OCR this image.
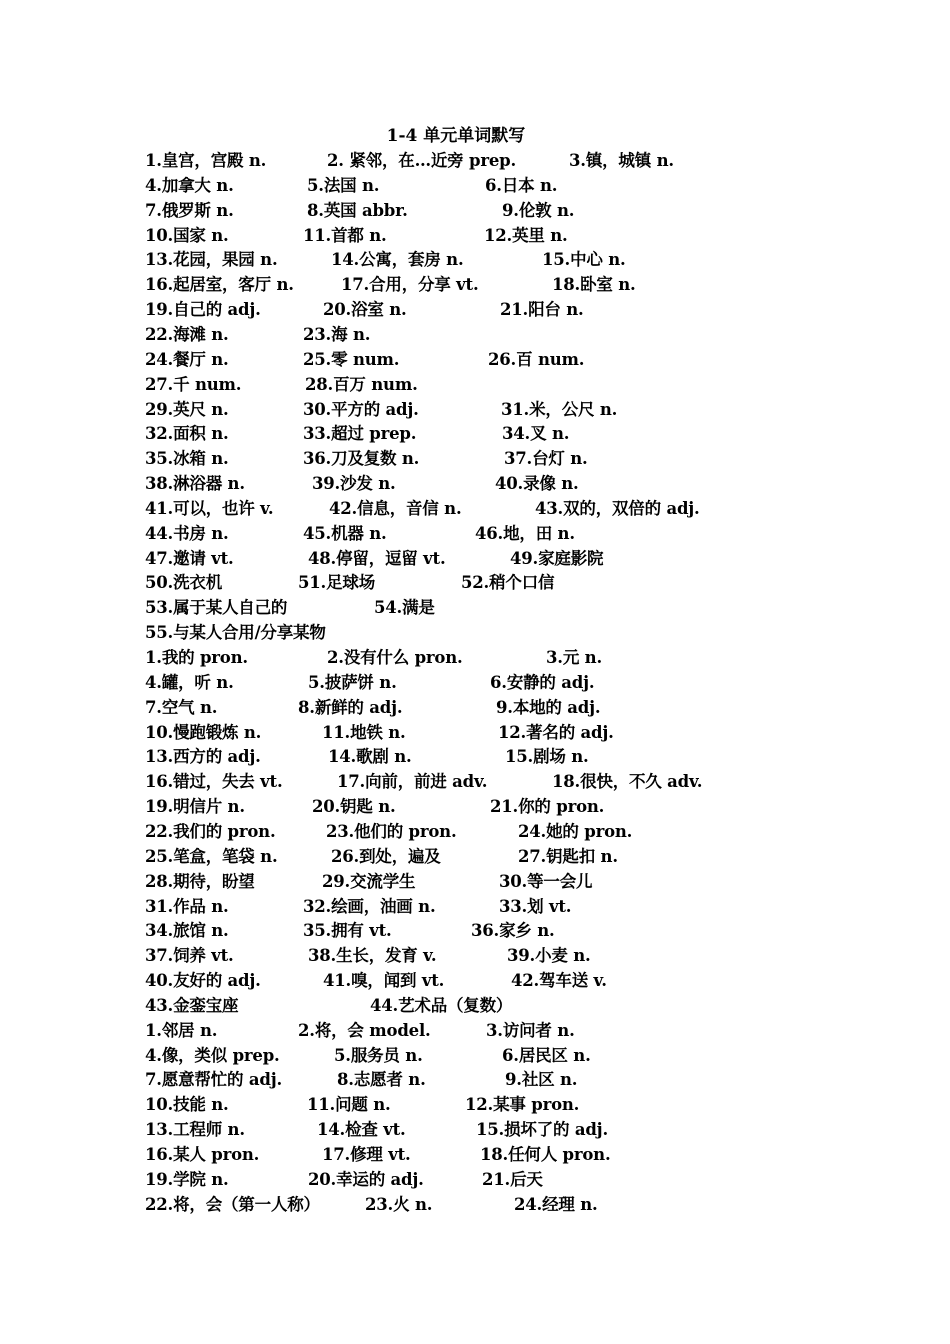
1-4 单元单词默写
1.皇宫，宫殿 n.	2. 紧邻，在…近旁 prep.	3.镇，城镇 n.
4.加拿大 n.	5.法国 n.	6.日本 n.
7.俄罗斯 n.	8.英国 abbr.	9.伦敦 n.
10.国家 n.	11.首都 n.	12.英里 n.
13.花园，果园 n.	14.公寓，套房 n.	15.中心 n.
16.起居室，客厅 n.	17.合用，分享 vt.	18.卧室 n.
19.自己的 adj.	20.浴室 n.	21.阳台 n.
22.海滩 n.	23.海 n.
24.餐厅 n.	25.零 num.	26.百 num.
27.千 num.	28.百万 num.
29.英尺 n.	30.平方的 adj.	31.米，公尺 n.
32.面积 n.	33.超过 prep.	34.叉 n.
35.冰箱 n.	36.刀及复数 n.	37.台灯 n.
38.淋浴器 n.	39.沙发 n.	40.录像 n.
41.可以，也许 v.	42.信息，音信 n.	43.双的，双倍的 adj.
44.书房 n.	45.机器 n.	46.地，田 n.
47.邀请 vt.	48.停留，逗留 vt.	49.家庭影院
50.洗衣机	51.足球场	52.稍个口信
53.属于某人自己的	54.满是
55.与某人合用/分享某物
1.我的 pron.	2.没有什么 pron.	3.元 n.
4.罐，听 n.	5.披萨饼 n.	6.安静的 adj.
7.空气 n.	8.新鲜的 adj.	9.本地的 adj.
10.慢跑锻炼 n.	11.地铁 n.	12.著名的 adj.
13.西方的 adj.	14.歌剧 n.	15.剧场 n.
16.错过，失去 vt.	17.向前，前进 adv.	18.很快，不久 adv.
19.明信片 n.	20.钥匙 n.	21.你的 pron.
22.我们的 pron.	23.他们的 pron.	24.她的 pron.
25.笔盒，笔袋 n.	26.到处，遍及	27.钥匙扣 n.
28.期待，盼望	29.交流学生	30.等一会儿
31.作品 n.	32.绘画，油画 n.	33.划 vt.
34.旅馆 n.	35.拥有 vt.	36.家乡 n.
37.饲养 vt.	38.生长，发育 v.	39.小麦 n.
40.友好的 adj.	41.嗅，闻到 vt.	42.驾车送 v.
43.金銮宝座	44.艺术品（复数）
1.邻居 n.	2.将，会 model.	3.访问者 n.
4.像，类似 prep.	5.服务员 n.	6.居民区 n.
7.愿意帮忙的 adj.	8.志愿者 n.	9.社区 n.
10.技能 n.	11.问题 n.	12.某事 pron.
13.工程师 n.	14.检查 vt.	15.损坏了的 adj.
16.某人 pron.	17.修理 vt.	18.任何人 pron.
19.学院 n.	20.幸运的 adj.	21.后天
22.将，会（第一人称）	23.火 n.	24.经理 n.
